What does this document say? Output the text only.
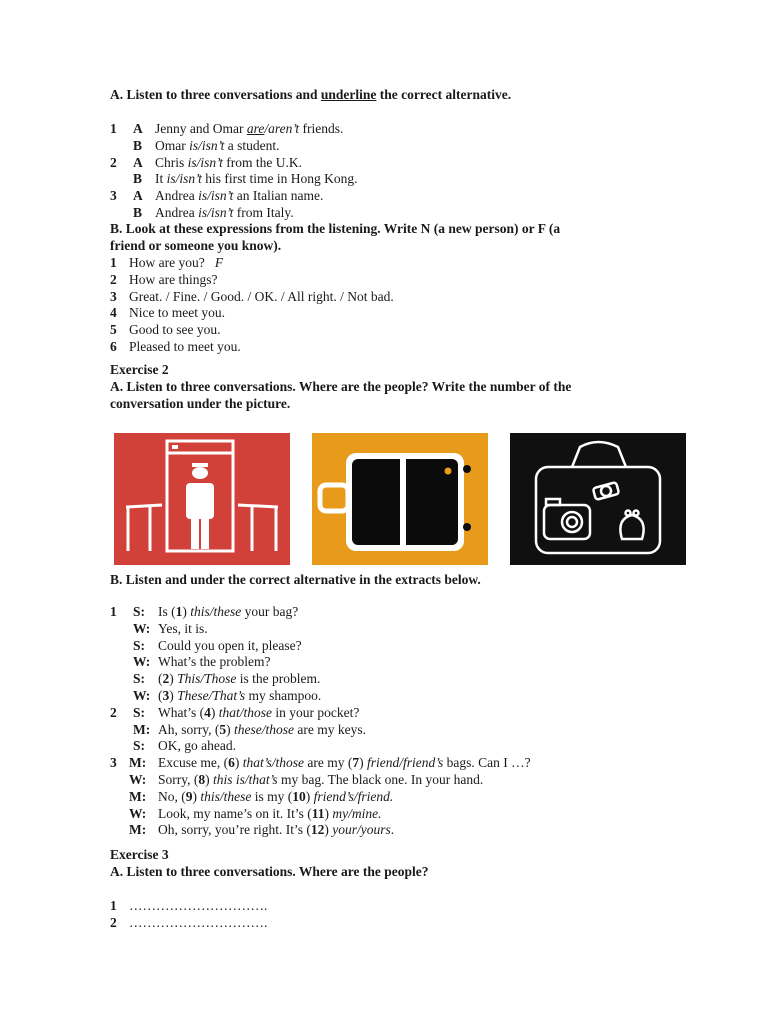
A. Listen to three conversations and underline the correct alternative.
1 A Jenny and Omar are/aren’t friends.
B Omar is/isn’t a student.
2 A Chris is/isn’t from the U.K.
B It is/isn’t his first time in Hong Kong.
3 A Andrea is/isn’t an Italian name.
B Andrea is/isn’t from Italy.
B. Look at these expressions from the listening. Write N (a new person) or F (a
friend or someone you know).
1 How are you? F
2 How are things?
3 Great. / Fine. / Good. / OK. / All right. / Not bad.
4 Nice to meet you.
5 Good to see you.
6 Pleased to meet you.
Exercise 2
A. Listen to three conversations. Where are the people? Write the number of the
conversation under the picture.
B. Listen and under the correct alternative in the extracts below.
1 S: Is (1) this/these your bag?
W: Yes, it is.
S: Could you open it, please?
W: What’s the problem?
S: (2) This/Those is the problem.
W: (3) These/That’s my shampoo.
2 S: What’s (4) that/those in your pocket?
M: Ah, sorry, (5) these/those are my keys.
S: OK, go ahead.
3 M: Excuse me, (6) that’s/those are my (7) friend/friend’s bags. Can I …?
W: Sorry, (8) this is/that’s my bag. The black one. In your hand.
M: No, (9) this/these is my (10) friend’s/friend.
W: Look, my name’s on it. It’s (11) my/mine.
M: Oh, sorry, you’re right. It’s (12) your/yours.
Exercise 3
A. Listen to three conversations. Where are the people?
1 ………………………….
2 ………………………….
